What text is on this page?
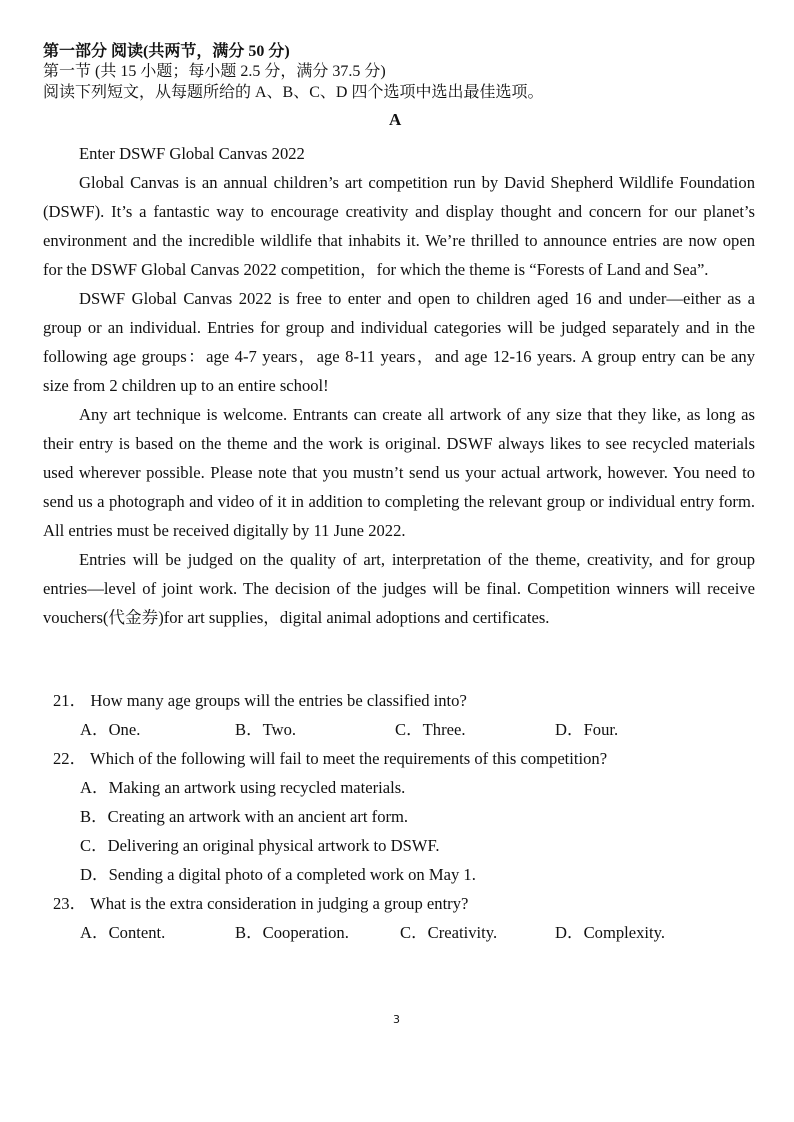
第一部分 阅读(共两节，满分 50 分)
第一节 (共 15 小题；每小题 2.5 分，满分 37.5 分)
阅读下列短文，从每题所给的 A、B、C、D 四个选项中选出最佳选项。
A
Enter DSWF Global Canvas 2022

Global Canvas is an annual children’s art competition run by David Shepherd Wildlife Foundation (DSWF). It’s a fantastic way to encourage creativity and display thought and concern for our planet’s environment and the incredible wildlife that inhabits it. We’re thrilled to announce entries are now open for the DSWF Global Canvas 2022 competition，for which the theme is “Forests of Land and Sea”.

DSWF Global Canvas 2022 is free to enter and open to children aged 16 and under—either as a group or an individual. Entries for group and individual categories will be judged separately and in the following age groups：age 4-7 years，age 8-11 years，and age 12-16 years. A group entry can be any size from 2 children up to an entire school!

Any art technique is welcome. Entrants can create all artwork of any size that they like, as long as their entry is based on the theme and the work is original. DSWF always likes to see recycled materials used wherever possible. Please note that you mustn’t send us your actual artwork, however. You need to send us a photograph and video of it in addition to completing the relevant group or individual entry form. All entries must be received digitally by 11 June 2022.

Entries will be judged on the quality of art, interpretation of the theme, creativity, and for group entries—level of joint work. The decision of the judges will be final. Competition winners will receive vouchers(代金券)for art supplies，digital animal adoptions and certificates.

21． How many age groups will the entries be classified into?
A．One.	B．Two.	C．Three.	D．Four.
22． Which of the following will fail to meet the requirements of this competition?
A．Making an artwork using recycled materials.
B．Creating an artwork with an ancient art form.
C．Delivering an original physical artwork to DSWF.
D．Sending a digital photo of a completed work on May 1.
23． What is the extra consideration in judging a group entry?
A．Content.	B．Cooperation.	C．Creativity.	D．Complexity.
3
